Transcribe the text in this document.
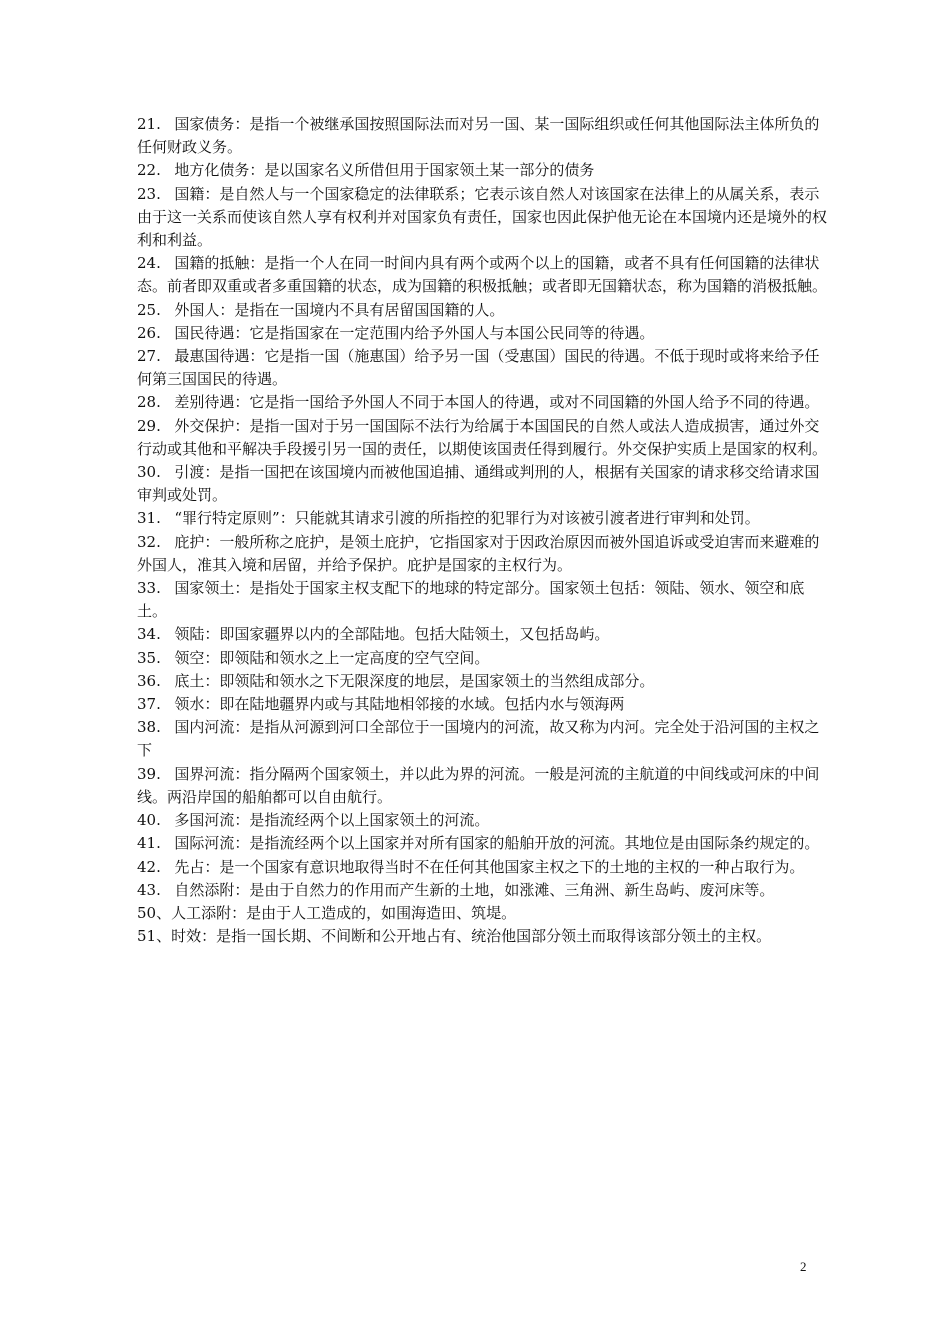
21. 国家债务：是指一个被继承国按照国际法而对另一国、某一国际组织或任何其他国际法主体所负的任何财政义务。

22. 地方化债务：是以国家名义所借但用于国家领土某一部分的债务

23. 国籍：是自然人与一个国家稳定的法律联系；它表示该自然人对该国家在法律上的从属关系，表示由于这一关系而使该自然人享有权利并对国家负有责任，国家也因此保护他无论在本国境内还是境外的权利和利益。

24. 国籍的抵触：是指一个人在同一时间内具有两个或两个以上的国籍，或者不具有任何国籍的法律状态。前者即双重或者多重国籍的状态，成为国籍的积极抵触；或者即无国籍状态，称为国籍的消极抵触。

25. 外国人：是指在一国境内不具有居留国国籍的人。

26. 国民待遇：它是指国家在一定范围内给予外国人与本国公民同等的待遇。

27. 最惠国待遇：它是指一国（施惠国）给予另一国（受惠国）国民的待遇。不低于现时或将来给予任何第三国国民的待遇。

28. 差别待遇：它是指一国给予外国人不同于本国人的待遇，或对不同国籍的外国人给予不同的待遇。

29. 外交保护：是指一国对于另一国国际不法行为给属于本国国民的自然人或法人造成损害，通过外交行动或其他和平解决手段援引另一国的责任，以期使该国责任得到履行。外交保护实质上是国家的权利。

30. 引渡：是指一国把在该国境内而被他国追捕、通缉或判刑的人，根据有关国家的请求移交给请求国审判或处罚。

31. “罪行特定原则”：只能就其请求引渡的所指控的犯罪行为对该被引渡者进行审判和处罚。

32. 庇护：一般所称之庇护，是领土庇护，它指国家对于因政治原因而被外国追诉或受迫害而来避难的外国人，准其入境和居留，并给予保护。庇护是国家的主权行为。

33. 国家领土：是指处于国家主权支配下的地球的特定部分。国家领土包括：领陆、领水、领空和底土。

34. 领陆：即国家疆界以内的全部陆地。包括大陆领土，又包括岛屿。

35. 领空：即领陆和领水之上一定高度的空气空间。

36. 底土：即领陆和领水之下无限深度的地层，是国家领土的当然组成部分。

37. 领水：即在陆地疆界内或与其陆地相邻接的水域。包括内水与领海两

38. 国内河流：是指从河源到河口全部位于一国境内的河流，故又称为内河。完全处于沿河国的主权之下

39. 国界河流：指分隔两个国家领土，并以此为界的河流。一般是河流的主航道的中间线或河床的中间线。两沿岸国的船舶都可以自由航行。

40. 多国河流：是指流经两个以上国家领土的河流。

41. 国际河流：是指流经两个以上国家并对所有国家的船舶开放的河流。其地位是由国际条约规定的。

42. 先占：是一个国家有意识地取得当时不在任何其他国家主权之下的土地的主权的一种占取行为。

43. 自然添附：是由于自然力的作用而产生新的土地，如涨滩、三角洲、新生岛屿、废河床等。

50、人工添附：是由于人工造成的，如围海造田、筑堤。

51、时效：是指一国长期、不间断和公开地占有、统治他国部分领土而取得该部分领土的主权。

2
